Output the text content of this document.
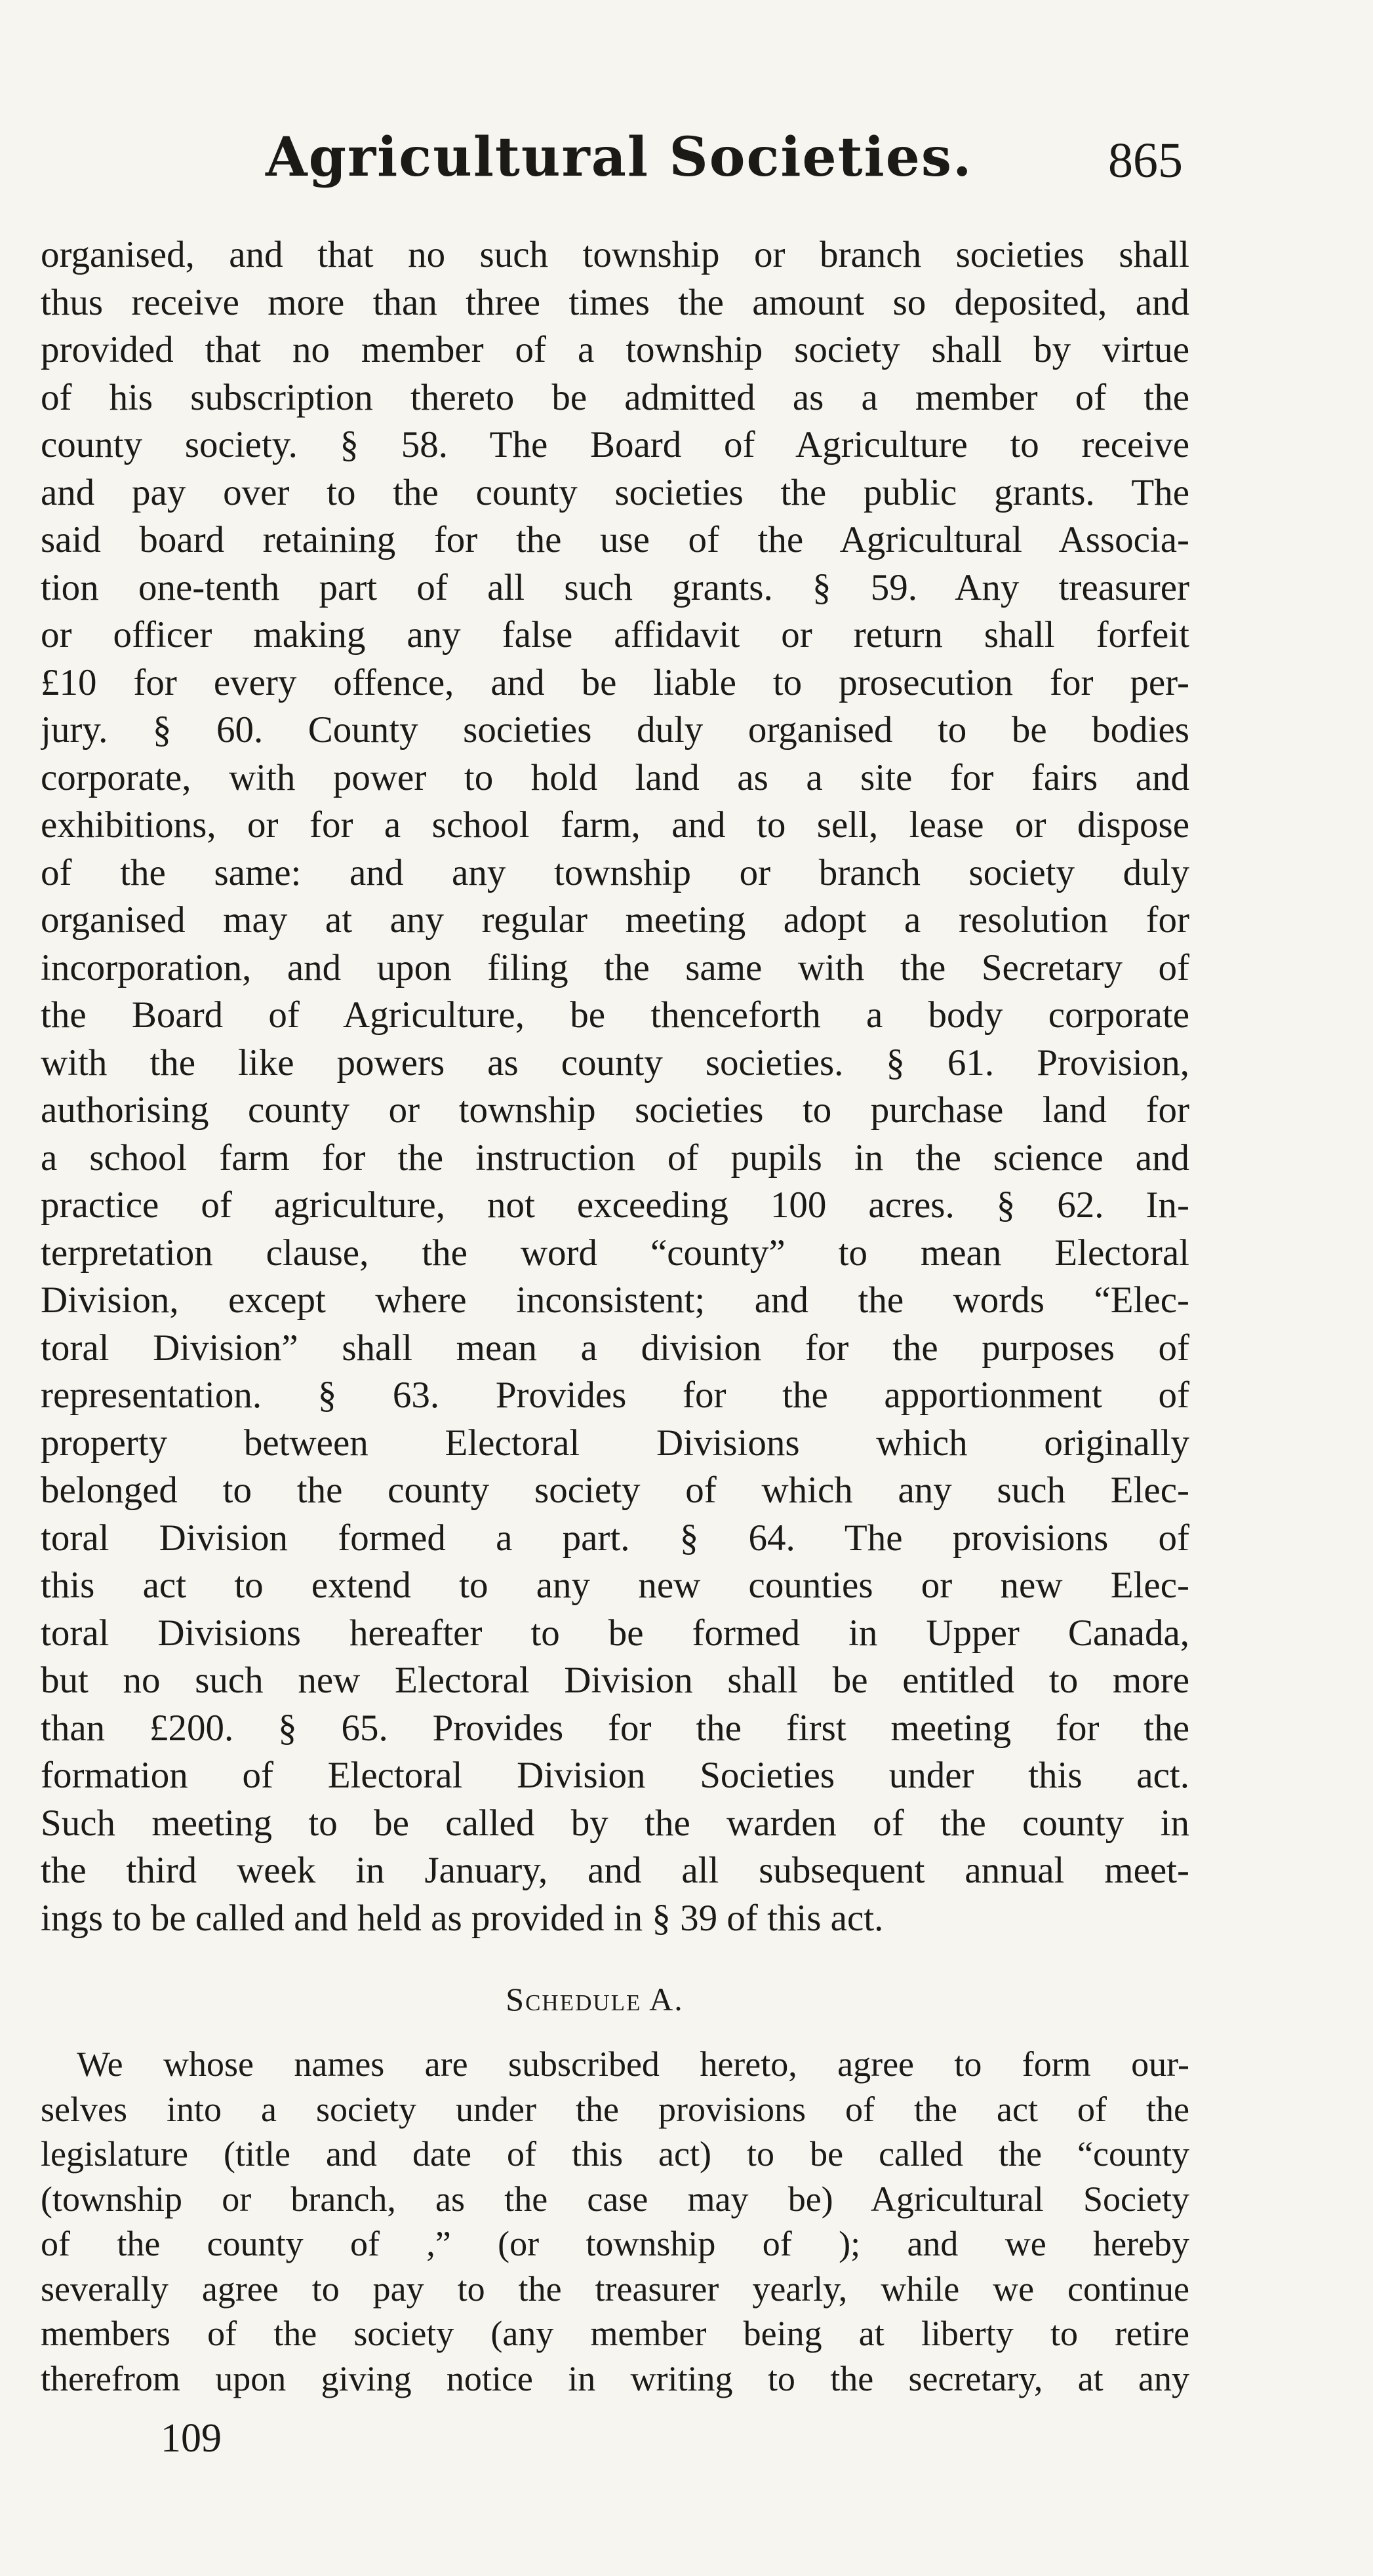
Agricultural Societies.	865
organised, and that no such township or branch societies shall
thus receive more than three times the amount so deposited, and
provided that no member of a township society shall by virtue
of his subscription thereto be admitted as a member of the
county society. § 58. The Board of Agriculture to receive
and pay over to the county societies the public grants. The
said board retaining for the use of the Agricultural Associa-
tion one-tenth part of all such grants. § 59. Any treasurer
or officer making any false affidavit or return shall forfeit
£10 for every offence, and be liable to prosecution for per-
jury. § 60. County societies duly organised to be bodies
corporate, with power to hold land as a site for fairs and
exhibitions, or for a school farm, and to sell, lease or dispose
of the same: and any township or branch society duly
organised may at any regular meeting adopt a resolution for
incorporation, and upon filing the same with the Secretary of
the Board of Agriculture, be thenceforth a body corporate
with the like powers as county societies. § 61. Provision,
authorising county or township societies to purchase land for
a school farm for the instruction of pupils in the science and
practice of agriculture, not exceeding 100 acres. § 62. In-
terpretation clause, the word “county” to mean Electoral
Division, except where inconsistent; and the words “Elec-
toral Division” shall mean a division for the purposes of
representation. § 63. Provides for the apportionment of
property between Electoral Divisions which originally
belonged to the county society of which any such Elec-
toral Division formed a part. § 64. The provisions of
this act to extend to any new counties or new Elec-
toral Divisions hereafter to be formed in Upper Canada,
but no such new Electoral Division shall be entitled to more
than £200. § 65. Provides for the first meeting for the
formation of Electoral Division Societies under this act.
Such meeting to be called by the warden of the county in
the third week in January, and all subsequent annual meet-
ings to be called and held as provided in § 39 of this act.
Schedule A.
We whose names are subscribed hereto, agree to form our-
selves into a society under the provisions of the act of the
legislature (title and date of this act) to be called the “county
(township or branch, as the case may be) Agricultural Society
of the county of ,” (or township of ); and we hereby
severally agree to pay to the treasurer yearly, while we continue
members of the society (any member being at liberty to retire
therefrom upon giving notice in writing to the secretary, at any
109
